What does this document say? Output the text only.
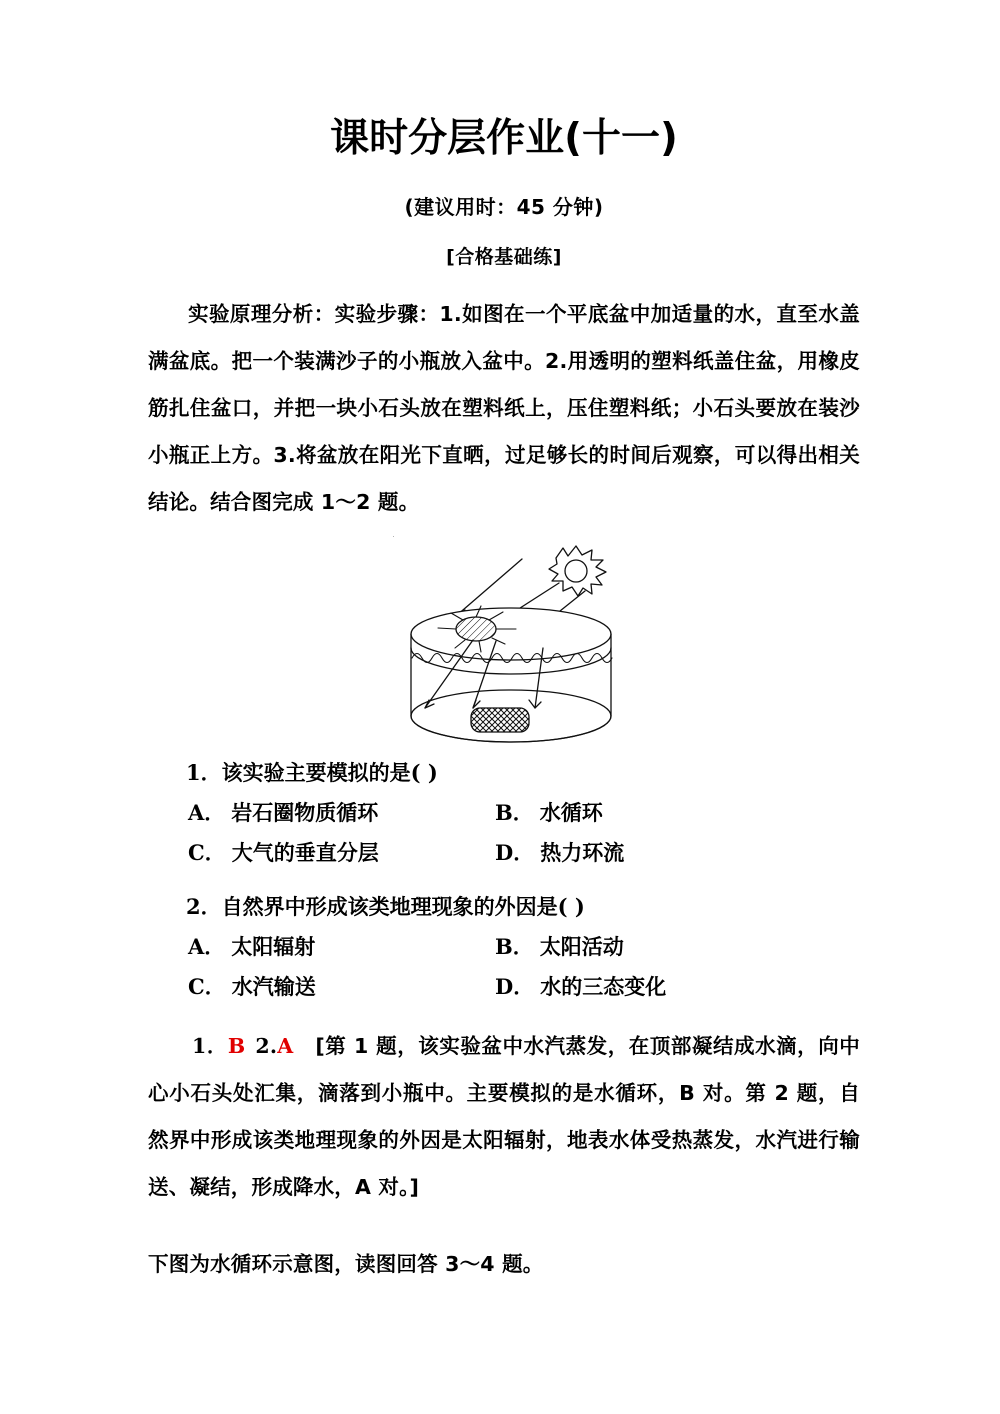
课时分层作业(十一)
(建议用时：45 分钟)
[合格基础练]
实验原理分析：实验步骤：1.如图在一个平底盆中加适量的水，直至水盖满盆底。把一个装满沙子的小瓶放入盆中。2.用透明的塑料纸盖住盆，用橡皮筋扎住盆口，并把一块小石头放在塑料纸上，压住塑料纸；小石头要放在装沙小瓶正上方。3.将盆放在阳光下直晒，过足够长的时间后观察，可以得出相关结论。结合图完成 1～2 题。
1．该实验主要模拟的是( )
A． 岩石圈物质循环	B． 水循环
C． 大气的垂直分层	D． 热力环流
2．自然界中形成该类地理现象的外因是( )
A． 太阳辐射	B． 太阳活动
C． 水汽输送	D． 水的三态变化
1．B 2.A [第 1 题，该实验盆中水汽蒸发，在顶部凝结成水滴，向中心小石头处汇集，滴落到小瓶中。主要模拟的是水循环，B 对。第 2 题，自然界中形成该类地理现象的外因是太阳辐射，地表水体受热蒸发，水汽进行输送、凝结，形成降水，A 对。]
下图为水循环示意图，读图回答 3～4 题。
